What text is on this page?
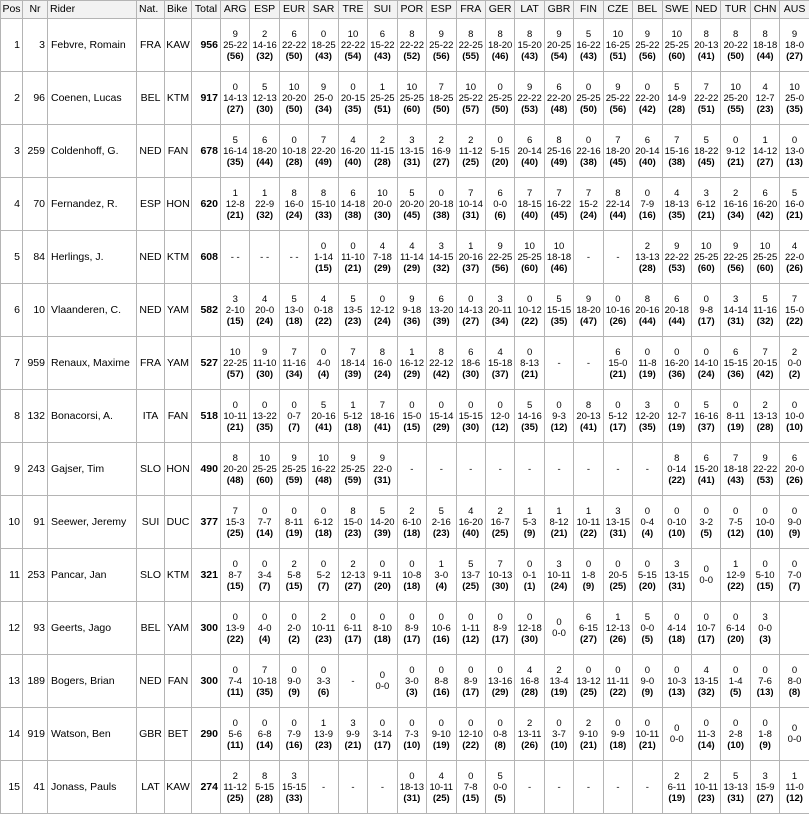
Pos	Nr	Rider	Nat.	Bike	Total	ARG	ESP	EUR	SAR	TRE	SUI	POR	ESP	FRA	GER	LAT	GBR	FIN	CZE	BEL	SWE	NED	TUR	CHN	AUS
1	3	Febvre, Romain	FRA	KAW	956	9
25-22
(56)	2
14-16
(32)	6
22-22
(50)	0
18-25
(43)	10
22-22
(54)	6
15-22
(43)	8
22-22
(52)	9
25-22
(56)	8
22-25
(55)	8
18-20
(46)	8
15-20
(43)	9
20-25
(54)	5
16-22
(43)	10
16-25
(51)	9
25-22
(56)	10
25-25
(60)	8
20-13
(41)	8
20-22
(50)	8
18-18
(44)	9
18-0
(27)

2	96	Coenen, Lucas	BEL	KTM	917	0
14-13
(27)	5
12-13
(30)	10
20-20
(50)	9
25-0
(34)	0
20-15
(35)	1
25-25
(51)	10
25-25
(60)	7
18-25
(50)	10
25-22
(57)	0
25-25
(50)	9
22-22
(53)	6
22-20
(48)	0
25-25
(50)	9
25-22
(56)	0
22-20
(42)	5
14-9
(28)	7
22-22
(51)	10
25-20
(55)	4
12-7
(23)	10
25-0
(35)

3	259	Coldenhoff, G.	NED	FAN	678	5
16-14
(35)	6
18-20
(44)	0
10-18
(28)	7
22-20
(49)	4
16-20
(40)	2
11-15
(28)	3
13-15
(31)	2
16-9
(27)	2
11-12
(25)	0
5-15
(20)	6
20-14
(40)	8
25-16
(49)	0
22-16
(38)	7
18-20
(45)	6
20-14
(40)	7
15-16
(38)	5
18-22
(45)	0
9-12
(21)	1
14-12
(27)	0
13-0
(13)

4	70	Fernandez, R.	ESP	HON	620	1
12-8
(21)	1
22-9
(32)	8
16-0
(24)	8
15-10
(33)	6
14-18
(38)	10
20-0
(30)	5
20-20
(45)	0
20-18
(38)	7
10-14
(31)	6
0-0
(6)	7
18-15
(40)	7
16-22
(45)	7
15-2
(24)	8
22-14
(44)	0
7-9
(16)	4
18-13
(35)	3
6-12
(21)	2
16-16
(34)	6
16-20
(42)	5
16-0
(21)

5	84	Herlings, J.	NED	KTM	608	- -	- -	- -	0
1-14
(15)	0
11-10
(21)	4
7-18
(29)	4
11-14
(29)	3
14-15
(32)	1
20-16
(37)	9
22-25
(56)	10
25-25
(60)	10
18-18
(46)	-	-	2
13-13
(28)	9
22-22
(53)	10
25-25
(60)	9
22-25
(56)	10
25-25
(60)	4
22-0
(26)

6	10	Vlaanderen, C.	NED	YAM	582	3
2-10
(15)	4
20-0
(24)	5
13-0
(18)	4
0-18
(22)	5
13-5
(23)	0
12-12
(24)	9
9-18
(36)	6
13-20
(39)	0
14-13
(27)	3
20-11
(34)	0
10-12
(22)	5
15-15
(35)	9
18-20
(47)	0
10-16
(26)	8
20-16
(44)	6
20-18
(44)	0
9-8
(17)	3
14-14
(31)	5
11-16
(32)	7
15-0
(22)

7	959	Renaux, Maxime	FRA	YAM	527	10
22-25
(57)	9
11-10
(30)	7
11-16
(34)	0
4-0
(4)	7
18-14
(39)	8
16-0
(24)	1
16-12
(29)	8
22-12
(42)	6
18-6
(30)	4
15-18
(37)	0
8-13
(21)	-	-	6
15-0
(21)	0
11-8
(19)	0
16-20
(36)	0
14-10
(24)	6
15-15
(36)	7
20-15
(42)	2
0-0
(2)

8	132	Bonacorsi, A.	ITA	FAN	518	0
10-11
(21)	0
13-22
(35)	0
0-7
(7)	5
20-16
(41)	1
5-12
(18)	7
18-16
(41)	0
15-0
(15)	0
15-14
(29)	0
15-15
(30)	0
12-0
(12)	5
14-16
(35)	0
9-3
(12)	8
20-13
(41)	0
5-12
(17)	3
12-20
(35)	0
12-7
(19)	5
16-16
(37)	0
8-11
(19)	2
13-13
(28)	0
10-0
(10)

9	243	Gajser, Tim	SLO	HON	490	8
20-20
(48)	10
25-25
(60)	9
25-25
(59)	10
16-22
(48)	9
25-25
(59)	9
22-0
(31)	-	-	-	-	-	-	-	-	-	8
0-14
(22)	6
15-20
(41)	7
18-18
(43)	9
22-22
(53)	6
20-0
(26)

10	91	Seewer, Jeremy	SUI	DUC	377	7
15-3
(25)	0
7-7
(14)	0
8-11
(19)	0
6-12
(18)	8
15-0
(23)	5
14-20
(39)	2
6-10
(18)	5
2-16
(23)	4
16-20
(40)	2
16-7
(25)	1
5-3
(9)	1
8-12
(21)	1
10-11
(22)	3
13-15
(31)	0
0-4
(4)	0
0-10
(10)	0
3-2
(5)	0
7-5
(12)	0
10-0
(10)	0
9-0
(9)

11	253	Pancar, Jan	SLO	KTM	321	0
8-7
(15)	0
3-4
(7)	2
5-8
(15)	0
5-2
(7)	2
12-13
(27)	0
9-11
(20)	0
10-8
(18)	1
3-0
(4)	5
13-7
(25)	7
10-13
(30)	0
0-1
(1)	3
10-11
(24)	0
1-8
(9)	0
20-5
(25)	0
5-15
(20)	3
13-15
(31)	0
0-0	1
12-9
(22)	0
5-10
(15)	0
7-0
(7)

12	93	Geerts, Jago	BEL	YAM	300	0
13-9
(22)	0
4-0
(4)	0
2-0
(2)	2
10-11
(23)	0
6-11
(17)	0
8-10
(18)	0
8-9
(17)	0
10-6
(16)	0
1-11
(12)	0
8-9
(17)	0
12-18
(30)	0
0-0	6
6-15
(27)	1
12-13
(26)	5
0-0
(5)	0
4-14
(18)	0
10-7
(17)	0
6-14
(20)	3
0-0
(3)	

13	189	Bogers, Brian	NED	FAN	300	0
7-4
(11)	7
10-18
(35)	0
9-0
(9)	0
3-3
(6)	-	0
0-0	0
3-0
(3)	0
8-8
(16)	0
8-9
(17)	0
13-16
(29)	4
16-8
(28)	2
13-4
(19)	0
13-12
(25)	0
11-11
(22)	0
9-0
(9)	0
10-3
(13)	4
13-15
(32)	0
1-4
(5)	0
7-6
(13)	0
8-0
(8)

14	919	Watson, Ben	GBR	BET	290	0
5-6
(11)	0
6-8
(14)	0
7-9
(16)	1
13-9
(23)	3
9-9
(21)	0
3-14
(17)	0
7-3
(10)	0
9-10
(19)	0
12-10
(22)	0
0-8
(8)	2
13-11
(26)	0
3-7
(10)	2
9-10
(21)	0
9-9
(18)	0
10-11
(21)	0
0-0	0
11-3
(14)	0
2-8
(10)	0
1-8
(9)	0
0-0

15	41	Jonass, Pauls	LAT	KAW	274	2
11-12
(25)	8
5-15
(28)	3
15-15
(33)	-	-	-	0
18-13
(31)	4
10-11
(25)	0
7-8
(15)	5
0-0
(5)	-	-	-	-	-	2
6-11
(19)	2
10-11
(23)	5
13-13
(31)	3
15-9
(27)	1
11-0
(12)
